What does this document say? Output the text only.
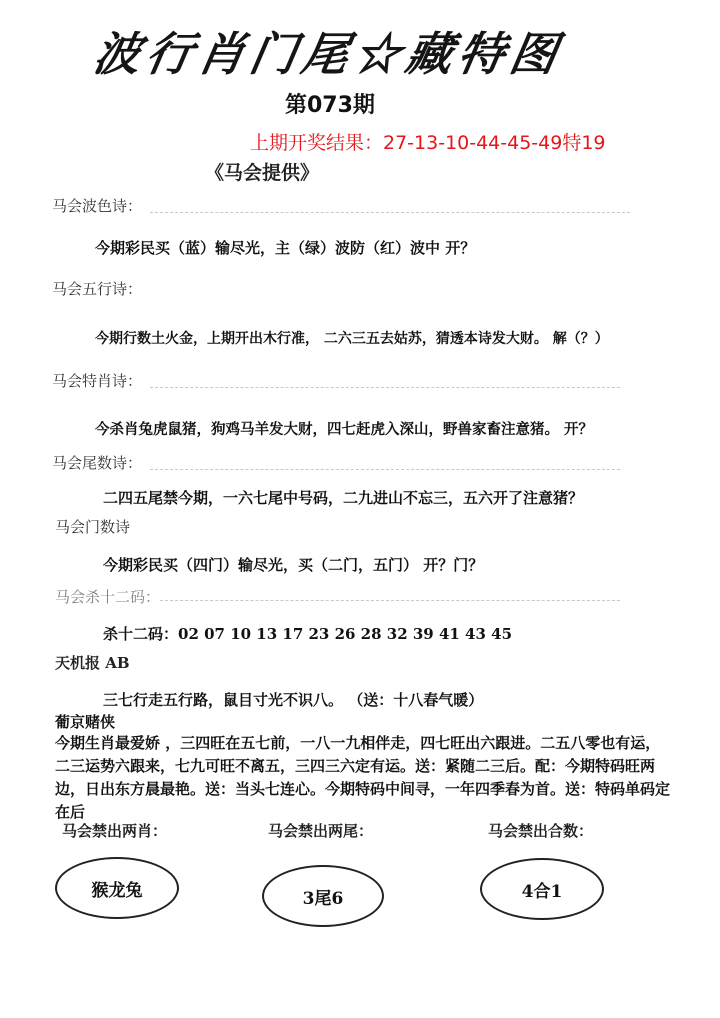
波行肖门尾☆藏特图
第073期
上期开奖结果：27-13-10-44-45-49特19
《马会提供》
马会波色诗：
今期彩民买（蓝）输尽光，主（绿）波防（红）波中 开？
马会五行诗：
今期行数土火金，上期开出木行准， 二六三五去姑苏，猜透本诗发大财。 解（？）
马会特肖诗：
今杀肖兔虎鼠猪，狗鸡马羊发大财，四七赶虎入深山，野兽家畜注意猪。 开？
马会尾数诗：
二四五尾禁今期，一六七尾中号码，二九进山不忘三，五六开了注意猪？
马会门数诗
今期彩民买（四门）输尽光，买（二门，五门） 开？门？
马会杀十二码：
杀十二码：02 07 10 13 17 23 26 28 32 39 41 43 45
天机报 AB
三七行走五行路，鼠目寸光不识八。 （送：十八春气暖）
葡京赌侠
今期生肖最爱娇 ，三四旺在五七前，一八一九相伴走，四七旺出六跟进。二五八零也有运，二三运势六跟来，七九可旺不离五，三四三六定有运。送：紧随二三后。配：今期特码旺两边，日出东方晨最艳。送：当头七连心。今期特码中间寻，一年四季春为首。送：特码单码定在后
马会禁出两肖：	马会禁出两尾：	马会禁出合数：
猴龙兔	3尾6	4合1
